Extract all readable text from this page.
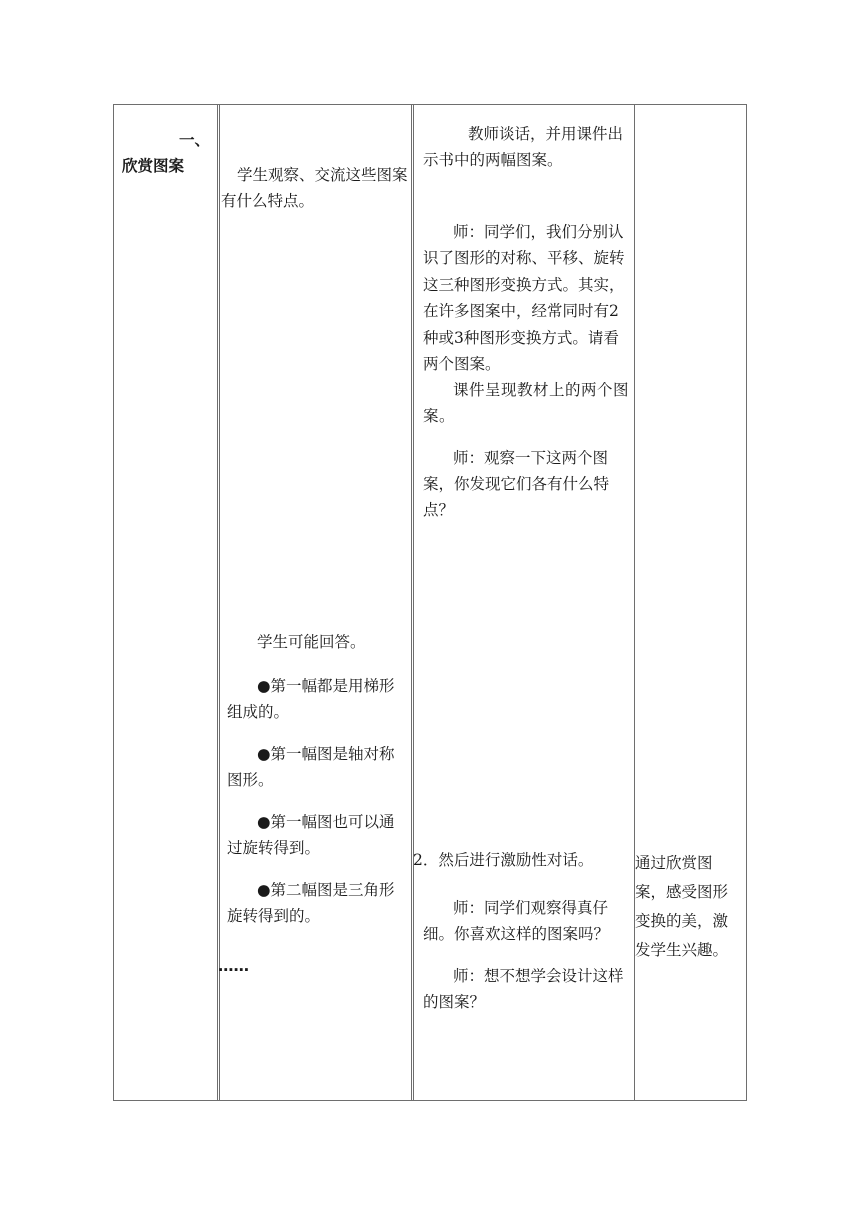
一、
欣赏图案	学生观察、交流这些图案有什么特点。
学生可能回答。
●第一幅都是用梯形组成的。
●第一幅图是轴对称图形。
●第一幅图也可以通过旋转得到。
●第二幅图是三角形旋转得到的。
……
教师谈话，并用课件出示书中的两幅图案。
师：同学们，我们分别认识了图形的对称、平移、旋转这三种图形变换方式。其实，在许多图案中，经常同时有2种或3种图形变换方式。请看两个图案。
课件呈现教材上的两个图案。
师：观察一下这两个图案，你发现它们各有什么特点？
2．然后进行激励性对话。
师：同学们观察得真仔细。你喜欢这样的图案吗？
师：想不想学会设计这样的图案？
通过欣赏图案，感受图形变换的美，激发学生兴趣。
